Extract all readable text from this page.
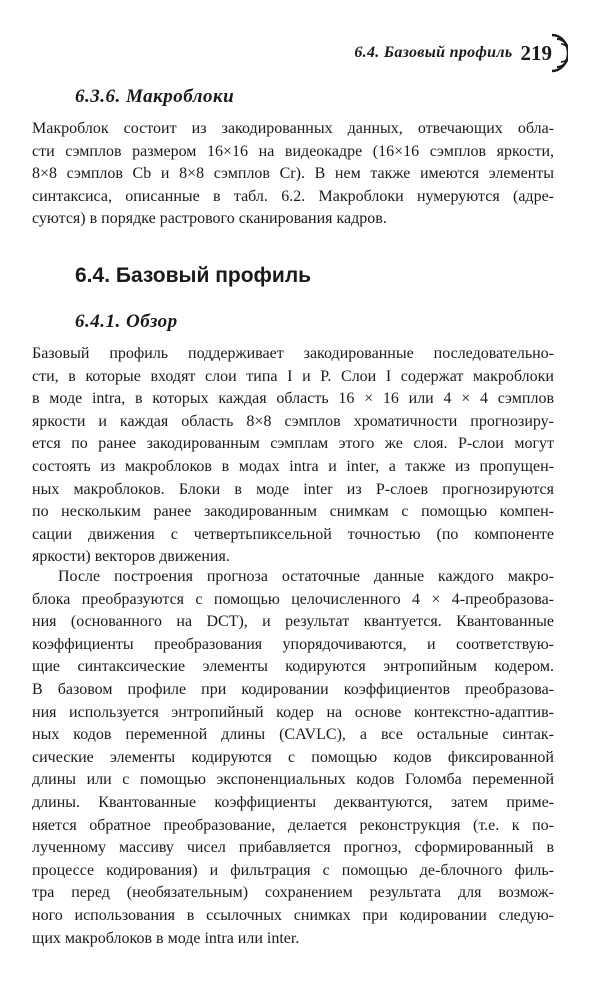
6.4. Базовый профиль 219
6.3.6. Макроблоки
Макроблок состоит из закодированных данных, отвечающих обла-
сти сэмплов размером 16×16 на видеокадре (16×16 сэмплов яркости,
8×8 сэмплов Cb и 8×8 сэмплов Cr). В нем также имеются элементы
синтаксиса, описанные в табл. 6.2. Макроблоки нумеруются (адре-
суются) в порядке растрового сканирования кадров.
6.4. Базовый профиль
6.4.1. Обзор
Базовый профиль поддерживает закодированные последовательно-
сти, в которые входят слои типа I и P. Слои I содержат макроблоки
в моде intra, в которых каждая область 16 × 16 или 4 × 4 сэмплов
яркости и каждая область 8×8 сэмплов хроматичности прогнозиру-
ется по ранее закодированным сэмплам этого же слоя. P-слои могут
состоять из макроблоков в модах intra и inter, а также из пропущен-
ных макроблоков. Блоки в моде inter из P-слоев прогнозируются
по нескольким ранее закодированным снимкам с помощью компен-
сации движения с четвертьпиксельной точностью (по компоненте
яркости) векторов движения.
После построения прогноза остаточные данные каждого макро-
блока преобразуются с помощью целочисленного 4 × 4-преобразова-
ния (основанного на DCT), и результат квантуется. Квантованные
коэффициенты преобразования упорядочиваются, и соответствую-
щие синтаксические элементы кодируются энтропийным кодером.
В базовом профиле при кодировании коэффициентов преобразова-
ния используется энтропийный кодер на основе контекстно-адаптив-
ных кодов переменной длины (CAVLC), а все остальные синтак-
сические элементы кодируются с помощью кодов фиксированной
длины или с помощью экспоненциальных кодов Голомба переменной
длины. Квантованные коэффициенты деквантуются, затем приме-
няется обратное преобразование, делается реконструкция (т.е. к по-
лученному массиву чисел прибавляется прогноз, сформированный в
процессе кодирования) и фильтрация с помощью де-блочного филь-
тра перед (необязательным) сохранением результата для возмож-
ного использования в ссылочных снимках при кодировании следую-
щих макроблоков в моде intra или inter.
